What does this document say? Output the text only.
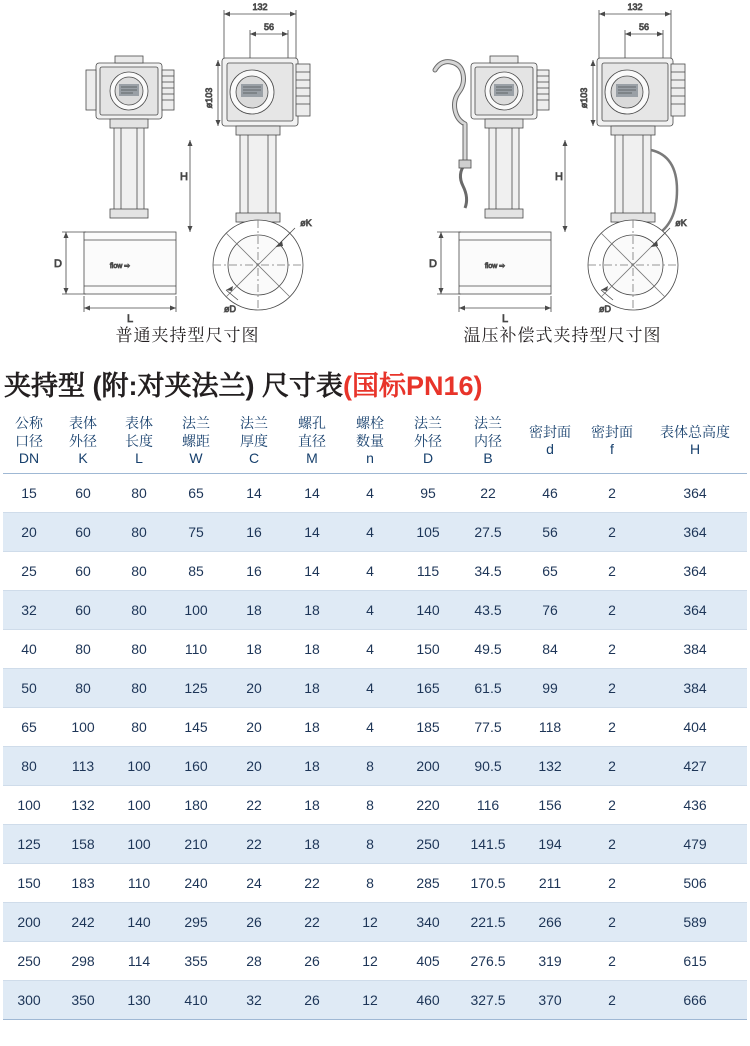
132
56
flow ⇨
D
L
H
ø103
øK
øD
普通夹持型尺寸图
132
56
flow ⇨
D
L
H
ø103
øK
øD
温压补偿式夹持型尺寸图
夹持型 (附:对夹法兰) 尺寸表(国标PN16)
公称
口径
DN	表体
外径
K	表体
长度
L	法兰
螺距
W	法兰
厚度
C	螺孔
直径
M	螺栓
数量
n	法兰
外径
D	法兰
内径
B	密封面
d	密封面
f	表体总高度
H

15	60	80	65	14	14	4	95	22	46	2	364
20	60	80	75	16	14	4	105	27.5	56	2	364
25	60	80	85	16	14	4	115	34.5	65	2	364
32	60	80	100	18	18	4	140	43.5	76	2	364
40	80	80	110	18	18	4	150	49.5	84	2	384
50	80	80	125	20	18	4	165	61.5	99	2	384
65	100	80	145	20	18	4	185	77.5	118	2	404
80	113	100	160	20	18	8	200	90.5	132	2	427
100	132	100	180	22	18	8	220	116	156	2	436
125	158	100	210	22	18	8	250	141.5	194	2	479
150	183	110	240	24	22	8	285	170.5	211	2	506
200	242	140	295	26	22	12	340	221.5	266	2	589
250	298	114	355	28	26	12	405	276.5	319	2	615
300	350	130	410	32	26	12	460	327.5	370	2	666
